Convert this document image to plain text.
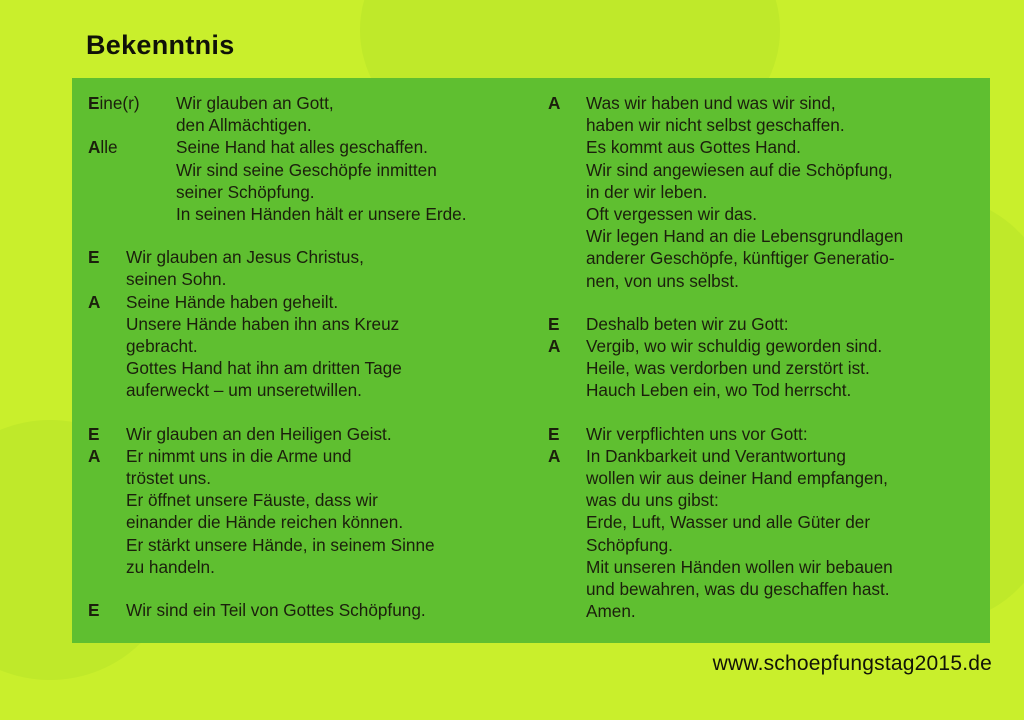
Bekenntnis
Eine(r)	Wir glauben an Gott,
den Allmächtigen.
Alle	Seine Hand hat alles geschaffen.
Wir sind seine Geschöpfe inmitten
seiner Schöpfung.
In seinen Händen hält er unsere Erde.
E	Wir glauben an Jesus Christus,
seinen Sohn.
A	Seine Hände haben geheilt.
Unsere Hände haben ihn ans Kreuz
gebracht.
Gottes Hand hat ihn am dritten Tage
auferweckt – um unseretwillen.
E	Wir glauben an den Heiligen Geist.
A	Er nimmt uns in die Arme und
tröstet uns.
Er öffnet unsere Fäuste, dass wir
einander die Hände reichen können.
Er stärkt unsere Hände, in seinem Sinne
zu handeln.
E	Wir sind ein Teil von Gottes Schöpfung.
A	Was wir haben und was wir sind,
haben wir nicht selbst geschaffen.
Es kommt aus Gottes Hand.
Wir sind angewiesen auf die Schöpfung,
in der wir leben.
Oft vergessen wir das.
Wir legen Hand an die Lebensgrundlagen
anderer Geschöpfe, künftiger Generatio-
nen, von uns selbst.
E	Deshalb beten wir zu Gott:
A	Vergib, wo wir schuldig geworden sind.
Heile, was verdorben und zerstört ist.
Hauch Leben ein, wo Tod herrscht.
E	Wir verpflichten uns vor Gott:
A	In Dankbarkeit und Verantwortung
wollen wir aus deiner Hand empfangen,
was du uns gibst:
Erde, Luft, Wasser und alle Güter der
Schöpfung.
Mit unseren Händen wollen wir bebauen
und bewahren, was du geschaffen hast.
Amen.
www.schoepfungstag2015.de
